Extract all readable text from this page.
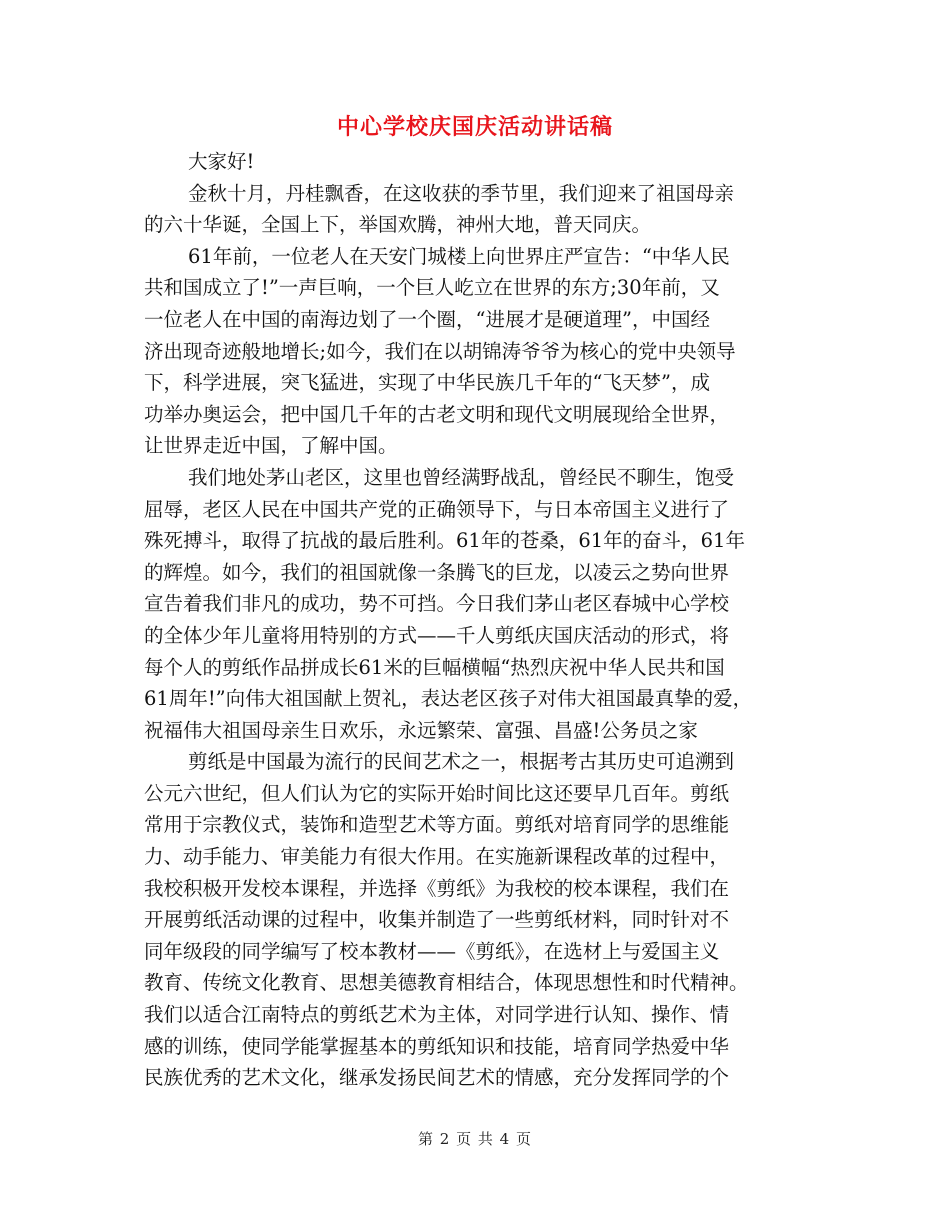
中心学校庆国庆活动讲话稿
大家好!
金秋十月，丹桂飘香，在这收获的季节里，我们迎来了祖国母亲
的六十华诞，全国上下，举国欢腾，神州大地，普天同庆。
61年前，一位老人在天安门城楼上向世界庄严宣告：“中华人民
共和国成立了!”一声巨响，一个巨人屹立在世界的东方;30年前，又
一位老人在中国的南海边划了一个圈，“进展才是硬道理”，中国经
济出现奇迹般地增长;如今，我们在以胡锦涛爷爷为核心的党中央领导
下，科学进展，突飞猛进，实现了中华民族几千年的“飞天梦”，成
功举办奥运会，把中国几千年的古老文明和现代文明展现给全世界，
让世界走近中国，了解中国。
我们地处茅山老区，这里也曾经满野战乱，曾经民不聊生，饱受
屈辱，老区人民在中国共产党的正确领导下，与日本帝国主义进行了
殊死搏斗，取得了抗战的最后胜利。61年的苍桑，61年的奋斗，61年
的辉煌。如今，我们的祖国就像一条腾飞的巨龙，以凌云之势向世界
宣告着我们非凡的成功，势不可挡。今日我们茅山老区春城中心学校
的全体少年儿童将用特别的方式——千人剪纸庆国庆活动的形式，将
每个人的剪纸作品拼成长61米的巨幅横幅“热烈庆祝中华人民共和国
61周年!”向伟大祖国献上贺礼，表达老区孩子对伟大祖国最真挚的爱，
祝福伟大祖国母亲生日欢乐，永远繁荣、富强、昌盛!公务员之家
剪纸是中国最为流行的民间艺术之一，根据考古其历史可追溯到
公元六世纪，但人们认为它的实际开始时间比这还要早几百年。剪纸
常用于宗教仪式，装饰和造型艺术等方面。剪纸对培育同学的思维能
力、动手能力、审美能力有很大作用。在实施新课程改革的过程中，
我校积极开发校本课程，并选择《剪纸》为我校的校本课程，我们在
开展剪纸活动课的过程中，收集并制造了一些剪纸材料，同时针对不
同年级段的同学编写了校本教材——《剪纸》，在选材上与爱国主义
教育、传统文化教育、思想美德教育相结合，体现思想性和时代精神。
我们以适合江南特点的剪纸艺术为主体，对同学进行认知、操作、情
感的训练，使同学能掌握基本的剪纸知识和技能，培育同学热爱中华
民族优秀的艺术文化，继承发扬民间艺术的情感，充分发挥同学的个
第 2 页 共 4 页
